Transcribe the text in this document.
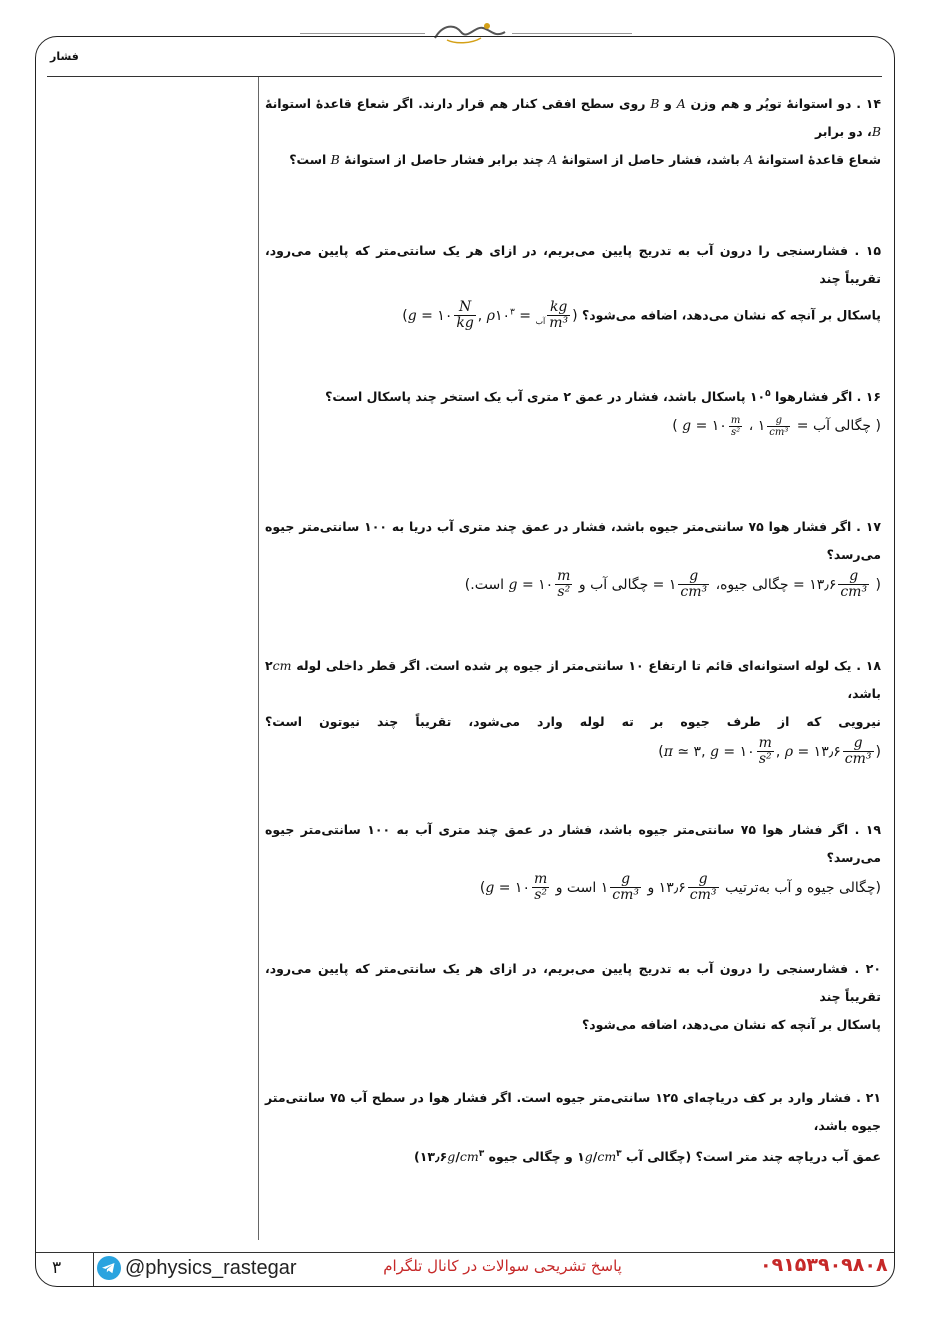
فشار

۱۴ . دو استوانهٔ توپُر و هم وزن A و B روی سطح افقی کنار هم قرار دارند. اگر شعاع قاعدهٔ استوانهٔ B، دو برابر

شعاع قاعدهٔ استوانهٔ A باشد، فشار حاصل از استوانهٔ A چند برابر فشار حاصل از استوانهٔ B است؟

۱۵ . فشارسنجی را درون آب به تدریج پایین می‌بریم، در ازای هر یک سانتی‌متر که پایین می‌رود، تقریباً چند

پاسکال بر آنچه که نشان می‌دهد، اضافه می‌شود؟ (g = ۱۰ $\frac{N}{kg}$ , ρ	$_{آب} = ۱۰^۳ \frac{kg}{\text{m³}}$ )

۱۶ . اگر فشارهوا $۱۰^۵$ پاسکال باشد، فشار در عمق ۲ متری آب یک استخر چند پاسکال است؟

( چگالی آب = ۱ $\frac{g}{\text{cm³}}$
، g = ۱۰ $\frac{m}{\text{s²}}$
)

۱۷ . اگر فشار هوا ۷۵ سانتی‌متر جیوه باشد، فشار در عمق چند متری آب دریا به ۱۰۰ سانتی‌متر جیوه می‌رسد؟

( ۱۳٫۶ $\frac{g}{\text{cm³}}$
= چگالی جیوه، ۱ $\frac{g}{\text{cm³}}$
= چگالی آب و g = ۱۰ $\frac{m}{\text{s²}}$
است.)

۱۸ . یک لوله استوانه‌ای قائم تا ارتفاع ۱۰ سانتی‌متر از جیوه پر شده است. اگر قطر داخلی لوله ۲cm باشد،

نیرویی که از طرف جیوه بر ته لوله وارد می‌شود، تقریباً چند نیوتون است؟

(π ≃ ۳, g = ۱۰ $\frac{m}{\text{s²}}$ , ρ = ۱۳٫۶ $\frac{g}{\text{cm³}}$ )

۱۹ . اگر فشار هوا ۷۵ سانتی‌متر جیوه باشد، فشار در عمق چند متری آب به ۱۰۰ سانتی‌متر جیوه می‌رسد؟

(چگالی جیوه و آب به‌ترتیب ۱۳٫۶ $\frac{g}{\text{cm³}}$
و ۱ $\frac{g}{\text{cm³}}$
است و g = ۱۰ $\frac{m}{\text{s²}}$
)

۲۰ . فشارسنجی را درون آب به تدریج پایین می‌بریم، در ازای هر یک سانتی‌متر که پایین می‌رود، تقریباً چند

پاسکال بر آنچه که نشان می‌دهد، اضافه می‌شود؟

۲۱ . فشار وارد بر کف دریاچه‌ای ۱۲۵ سانتی‌متر جیوه است. اگر فشار هوا در سطح آب ۷۵ سانتی‌متر جیوه باشد،

عمق آب دریاچه چند متر است؟ (چگالی آب $۱g/cm^۳$ و چگالی جیوه $۱۳٫۶g/cm^۳$)

۳	@physics_rastegar	پاسخ تشریحی سوالات در کانال تلگرام	۰۹۱۵۳۹۰۹۸۰۸
